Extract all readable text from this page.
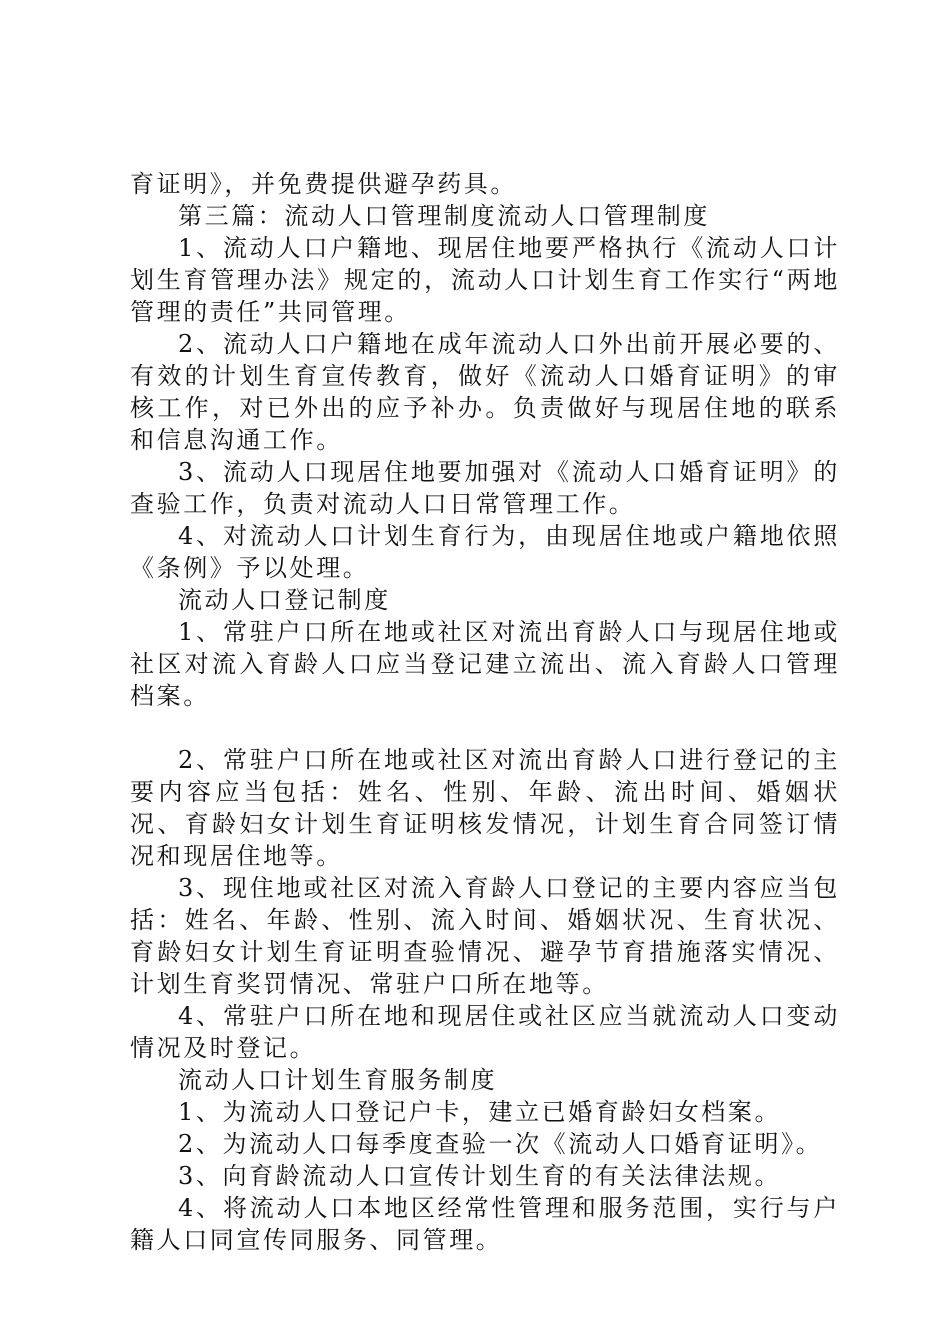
育证明》，并免费提供避孕药具。

第三篇：流动人口管理制度流动人口管理制度

1、流动人口户籍地、现居住地要严格执行《流动人口计划生育管理办法》规定的，流动人口计划生育工作实行“两地管理的责任”共同管理。

2、流动人口户籍地在成年流动人口外出前开展必要的、有效的计划生育宣传教育，做好《流动人口婚育证明》的审核工作，对已外出的应予补办。负责做好与现居住地的联系和信息沟通工作。

3、流动人口现居住地要加强对《流动人口婚育证明》的查验工作，负责对流动人口日常管理工作。

4、对流动人口计划生育行为，由现居住地或户籍地依照《条例》予以处理。

流动人口登记制度

1、常驻户口所在地或社区对流出育龄人口与现居住地或社区对流入育龄人口应当登记建立流出、流入育龄人口管理档案。

2、常驻户口所在地或社区对流出育龄人口进行登记的主要内容应当包括：姓名、性别、年龄、流出时间、婚姻状况、育龄妇女计划生育证明核发情况，计划生育合同签订情况和现居住地等。

3、现住地或社区对流入育龄人口登记的主要内容应当包括：姓名、年龄、性别、流入时间、婚姻状况、生育状况、育龄妇女计划生育证明查验情况、避孕节育措施落实情况、计划生育奖罚情况、常驻户口所在地等。

4、常驻户口所在地和现居住或社区应当就流动人口变动情况及时登记。

流动人口计划生育服务制度

1、为流动人口登记户卡，建立已婚育龄妇女档案。

2、为流动人口每季度查验一次《流动人口婚育证明》。

3、向育龄流动人口宣传计划生育的有关法律法规。

4、将流动人口本地区经常性管理和服务范围，实行与户籍人口同宣传同服务、同管理。
